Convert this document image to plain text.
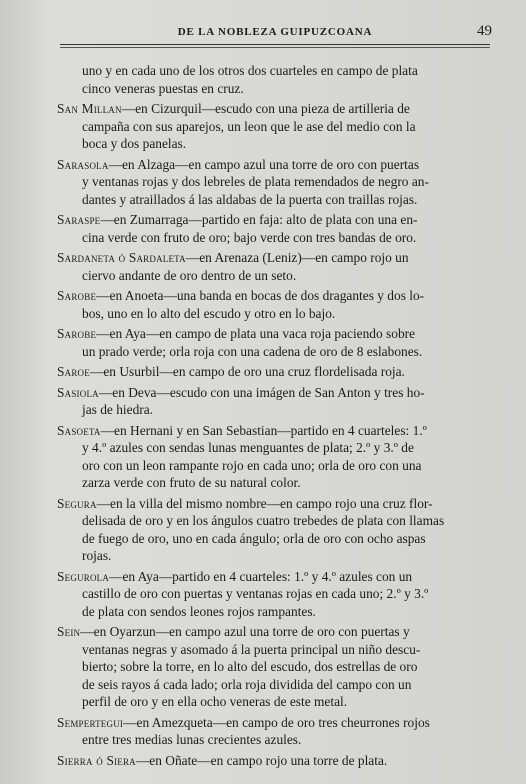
DE LA NOBLEZA GUIPUZCOANA	49
uno y en cada uno de los otros dos cuarteles en campo de plata
cinco veneras puestas en cruz.
San Millan—en Cizurquil—escudo con una pieza de artilleria de
campaña con sus aparejos, un leon que le ase del medio con la
boca y dos panelas.
Sarasola—en Alzaga—en campo azul una torre de oro con puertas
y ventanas rojas y dos lebreles de plata remendados de negro an-
dantes y atraillados á las aldabas de la puerta con traillas rojas.
Saraspe—en Zumarraga—partido en faja: alto de plata con una en-
cina verde con fruto de oro; bajo verde con tres bandas de oro.
Sardaneta ó Sardaleta—en Arenaza (Leniz)—en campo rojo un
ciervo andante de oro dentro de un seto.
Sarobe—en Anoeta—una banda en bocas de dos dragantes y dos lo-
bos, uno en lo alto del escudo y otro en lo bajo.
Sarobe—en Aya—en campo de plata una vaca roja paciendo sobre
un prado verde; orla roja con una cadena de oro de 8 eslabones.
Saroe—en Usurbil—en campo de oro una cruz flordelisada roja.
Sasiola—en Deva—escudo con una imágen de San Anton y tres ho-
jas de hiedra.
Sasoeta—en Hernani y en San Sebastian—partido en 4 cuarteles: 1.º
y 4.º azules con sendas lunas menguantes de plata; 2.º y 3.º de
oro con un leon rampante rojo en cada uno; orla de oro con una
zarza verde con fruto de su natural color.
Segura—en la villa del mismo nombre—en campo rojo una cruz flor-
delisada de oro y en los ángulos cuatro trebedes de plata con llamas
de fuego de oro, uno en cada ángulo; orla de oro con ocho aspas
rojas.
Segurola—en Aya—partido en 4 cuarteles: 1.º y 4.º azules con un
castillo de oro con puertas y ventanas rojas en cada uno; 2.º y 3.º
de plata con sendos leones rojos rampantes.
Sein—en Oyarzun—en campo azul una torre de oro con puertas y
ventanas negras y asomado á la puerta principal un niño descu-
bierto; sobre la torre, en lo alto del escudo, dos estrellas de oro
de seis rayos á cada lado; orla roja dividida del campo con un
perfil de oro y en ella ocho veneras de este metal.
Sempertegui—en Amezqueta—en campo de oro tres cheurrones rojos
entre tres medias lunas crecientes azules.
Sierra ó Siera—en Oñate—en campo rojo una torre de plata.
